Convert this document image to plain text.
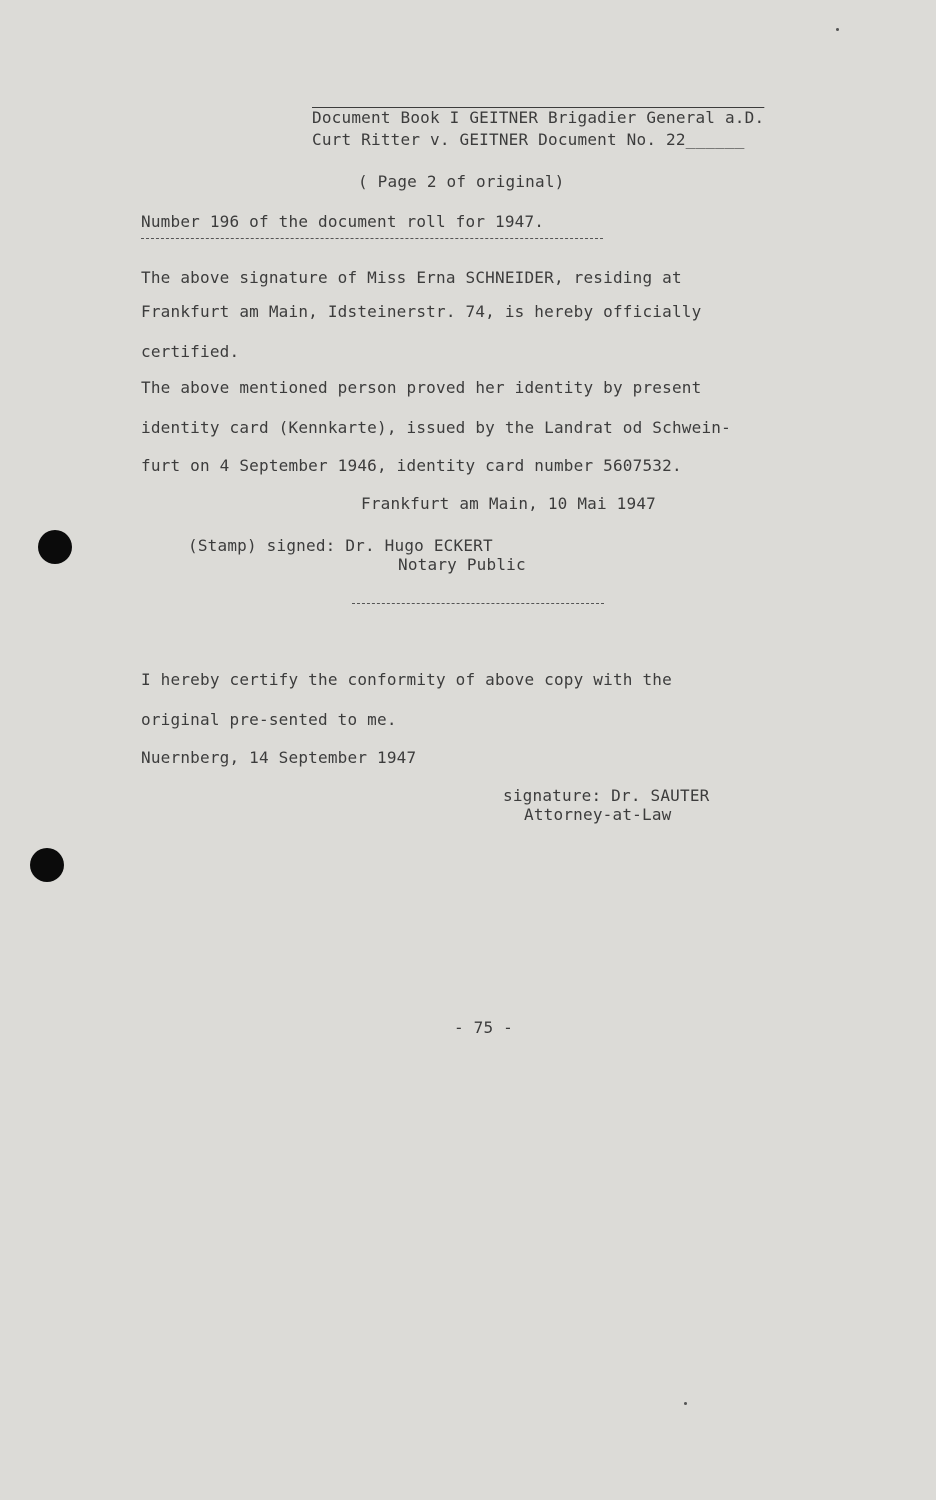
Document Book I GEITNER Brigadier General a.D.
Curt Ritter v. GEITNER Document No. 22______
( Page 2 of original)
Number 196 of the document roll for 1947.
The above signature of Miss Erna SCHNEIDER, residing at
Frankfurt am Main, Idsteinerstr. 74, is hereby officially
certified.
The above mentioned person proved her identity by present
identity card (Kennkarte), issued by the Landrat od Schwein-
furt on 4 September 1946, identity card number 5607532.
Frankfurt am Main, 10 Mai 1947
(Stamp) signed: Dr. Hugo ECKERT
Notary Public
I hereby certify the conformity of above copy with the
original pre-sented to me.
Nuernberg, 14 September 1947
signature: Dr. SAUTER
Attorney-at-Law
- 75 -
